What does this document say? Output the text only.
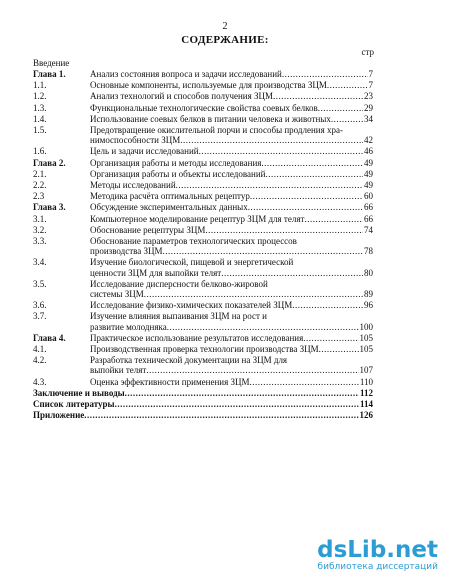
2
СОДЕРЖАНИЕ:
стр
Введение
Глава 1.	Анализ состояния вопроса и задачи исследований .....	7
1.1.	Основные компоненты, используемые для производства ЗЦМ .....	7
1.2.	Анализ технологий и способов получения ЗЦМ .....	23
1.3.	Функциональные технологические свойства соевых белков .....	29
1.4.	Использование соевых белков в питании человека и животных .....	34
1.5.	Предотвращение окислительной порчи и способы продления хра-
нимоспособности ЗЦМ .....	42
1.6.	Цель и задачи исследований .....	46
Глава 2.	Организация работы и методы исследования .....	49
2.1.	Организация работы и объекты исследований .....	49
2.2.	Методы исследований .....	49
2.3	Методика расчёта оптимальных рецептур .....	60
Глава 3.	Обсуждение экспериментальных данных .....	66
3.1.	Компьютерное моделирование рецептур ЗЦМ для телят .....	66
3.2.	Обоснование рецептуры ЗЦМ .....	74
3.3.	Обоснование параметров технологических процессов
производства ЗЦМ .....	78
3.4.	Изучение биологической, пищевой и энергетической
ценности ЗЦМ для выпойки телят .....	80
3.5.	Исследование дисперсности белково-жировой
системы ЗЦМ .....	89
3.6.	Исследование физико-химических показателей ЗЦМ .....	96
3.7.	Изучение влияния выпаивания ЗЦМ на рост и
развитие молодняка .....	100
Глава 4.	Практическое использование результатов исследования .....	105
4.1.	Производственная проверка технологии производства ЗЦМ .....	105
4.2.	Разработка технической документации на ЗЦМ для
выпойки телят .....	107
4.3.	Оценка эффективности применения ЗЦМ .....	110
Заключение и выводы .....	112
Список литературы .....	114
Приложение .....	126
dsLib.net
библиотека диссертаций
